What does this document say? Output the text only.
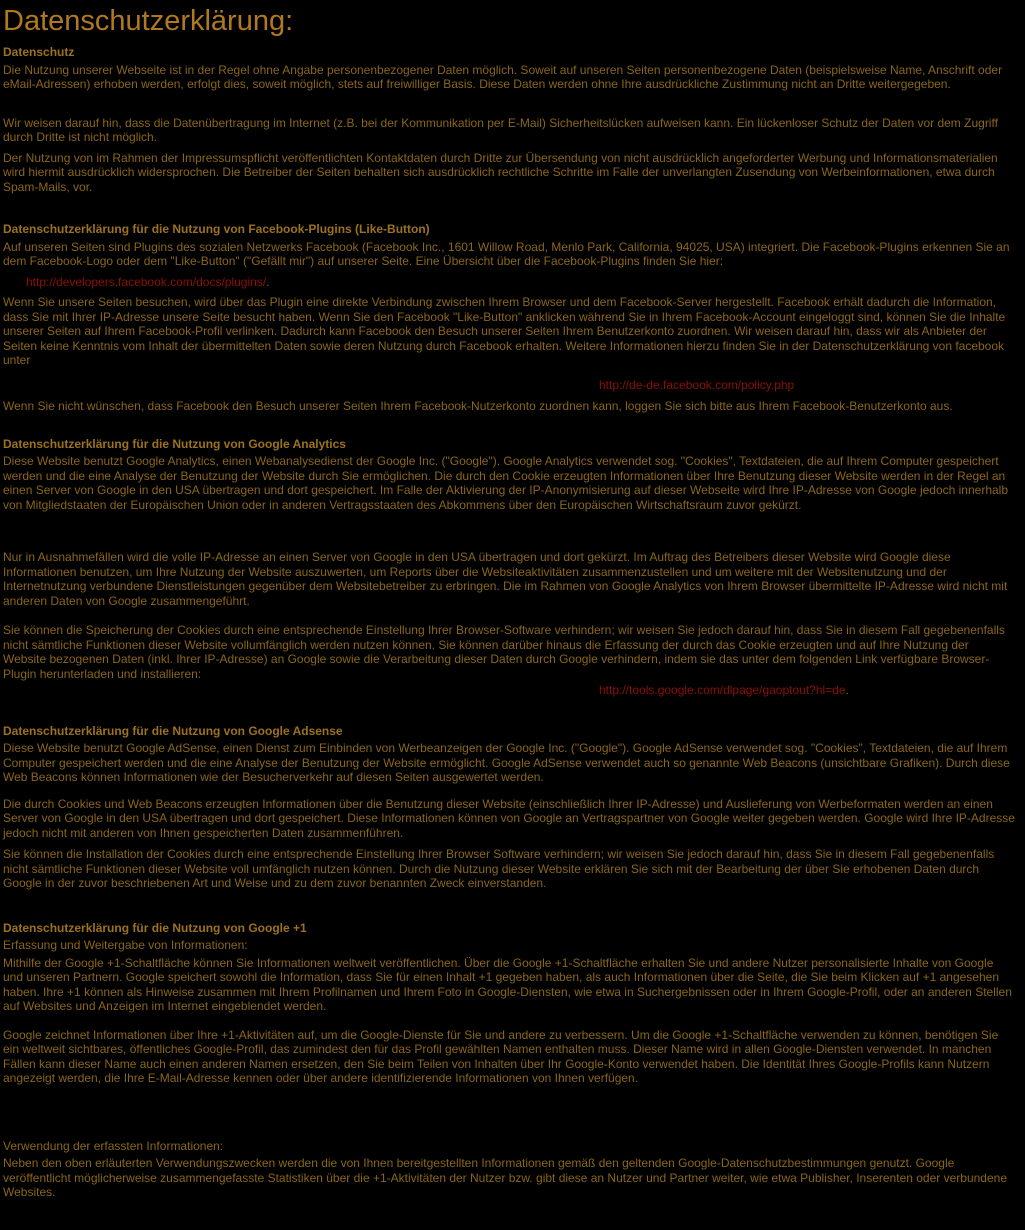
Datenschutzerklärung:
Datenschutz

Die Nutzung unserer Webseite ist in der Regel ohne Angabe personenbezogener Daten möglich. Soweit auf unseren Seiten personenbezogene Daten (beispielsweise Name, Anschrift oder eMail-Adressen) erhoben werden, erfolgt dies, soweit möglich, stets auf freiwilliger Basis. Diese Daten werden ohne Ihre ausdrückliche Zustimmung nicht an Dritte weitergegeben.

Wir weisen darauf hin, dass die Datenübertragung im Internet (z.B. bei der Kommunikation per E-Mail) Sicherheitslücken aufweisen kann. Ein lückenloser Schutz der Daten vor dem Zugriff durch Dritte ist nicht möglich.

Der Nutzung von im Rahmen der Impressumspflicht veröffentlichten Kontaktdaten durch Dritte zur Übersendung von nicht ausdrücklich angeforderter Werbung und Informationsmaterialien wird hiermit ausdrücklich widersprochen. Die Betreiber der Seiten behalten sich ausdrücklich rechtliche Schritte im Falle der unverlangten Zusendung von Werbeinformationen, etwa durch Spam-Mails, vor.

Datenschutzerklärung für die Nutzung von Facebook-Plugins (Like-Button)

Auf unseren Seiten sind Plugins des sozialen Netzwerks Facebook (Facebook Inc., 1601 Willow Road, Menlo Park, California, 94025, USA) integriert. Die Facebook-Plugins erkennen Sie an dem Facebook-Logo oder dem "Like-Button" ("Gefällt mir") auf unserer Seite. Eine Übersicht über die Facebook-Plugins finden Sie hier:

http://developers.facebook.com/docs/plugins/.

Wenn Sie unsere Seiten besuchen, wird über das Plugin eine direkte Verbindung zwischen Ihrem Browser und dem Facebook-Server hergestellt. Facebook erhält dadurch die Information, dass Sie mit Ihrer IP-Adresse unsere Seite besucht haben. Wenn Sie den Facebook "Like-Button" anklicken während Sie in Ihrem Facebook-Account eingeloggt sind, können Sie die Inhalte unserer Seiten auf Ihrem Facebook-Profil verlinken. Dadurch kann Facebook den Besuch unserer Seiten Ihrem Benutzerkonto zuordnen. Wir weisen darauf hin, dass wir als Anbieter der Seiten keine Kenntnis vom Inhalt der übermittelten Daten sowie deren Nutzung durch Facebook erhalten. Weitere Informationen hierzu finden Sie in der Datenschutzerklärung von facebook unter

http://de-de.facebook.com/policy.php

Wenn Sie nicht wünschen, dass Facebook den Besuch unserer Seiten Ihrem Facebook-Nutzerkonto zuordnen kann, loggen Sie sich bitte aus Ihrem Facebook-Benutzerkonto aus.

Datenschutzerklärung für die Nutzung von Google Analytics

Diese Website benutzt Google Analytics, einen Webanalysedienst der Google Inc. ("Google"). Google Analytics verwendet sog. "Cookies", Textdateien, die auf Ihrem Computer gespeichert werden und die eine Analyse der Benutzung der Website durch Sie ermöglichen. Die durch den Cookie erzeugten Informationen über Ihre Benutzung dieser Website werden in der Regel an einen Server von Google in den USA übertragen und dort gespeichert. Im Falle der Aktivierung der IP-Anonymisierung auf dieser Webseite wird Ihre IP-Adresse von Google jedoch innerhalb von Mitgliedstaaten der Europäischen Union oder in anderen Vertragsstaaten des Abkommens über den Europäischen Wirtschaftsraum zuvor gekürzt.

Nur in Ausnahmefällen wird die volle IP-Adresse an einen Server von Google in den USA übertragen und dort gekürzt. Im Auftrag des Betreibers dieser Website wird Google diese Informationen benutzen, um Ihre Nutzung der Website auszuwerten, um Reports über die Websiteaktivitäten zusammenzustellen und um weitere mit der Websitenutzung und der Internetnutzung verbundene Dienstleistungen gegenüber dem Websitebetreiber zu erbringen. Die im Rahmen von Google Analytics von Ihrem Browser übermittelte IP-Adresse wird nicht mit anderen Daten von Google zusammengeführt.

Sie können die Speicherung der Cookies durch eine entsprechende Einstellung Ihrer Browser-Software verhindern; wir weisen Sie jedoch darauf hin, dass Sie in diesem Fall gegebenenfalls nicht sämtliche Funktionen dieser Website vollumfänglich werden nutzen können. Sie können darüber hinaus die Erfassung der durch das Cookie erzeugten und auf Ihre Nutzung der Website bezogenen Daten (inkl. Ihrer IP-Adresse) an Google sowie die Verarbeitung dieser Daten durch Google verhindern, indem sie das unter dem folgenden Link verfügbare Browser-Plugin herunterladen und installieren:

http://tools.google.com/dlpage/gaoptout?hl=de.

Datenschutzerklärung für die Nutzung von Google Adsense

Diese Website benutzt Google AdSense, einen Dienst zum Einbinden von Werbeanzeigen der Google Inc. ("Google"). Google AdSense verwendet sog. "Cookies", Textdateien, die auf Ihrem Computer gespeichert werden und die eine Analyse der Benutzung der Website ermöglicht. Google AdSense verwendet auch so genannte Web Beacons (unsichtbare Grafiken). Durch diese Web Beacons können Informationen wie der Besucherverkehr auf diesen Seiten ausgewertet werden.

Die durch Cookies und Web Beacons erzeugten Informationen über die Benutzung dieser Website (einschließlich Ihrer IP-Adresse) und Auslieferung von Werbeformaten werden an einen Server von Google in den USA übertragen und dort gespeichert. Diese Informationen können von Google an Vertragspartner von Google weiter gegeben werden. Google wird Ihre IP-Adresse jedoch nicht mit anderen von Ihnen gespeicherten Daten zusammenführen.

Sie können die Installation der Cookies durch eine entsprechende Einstellung Ihrer Browser Software verhindern; wir weisen Sie jedoch darauf hin, dass Sie in diesem Fall gegebenenfalls nicht sämtliche Funktionen dieser Website voll umfänglich nutzen können. Durch die Nutzung dieser Website erklären Sie sich mit der Bearbeitung der über Sie erhobenen Daten durch Google in der zuvor beschriebenen Art und Weise und zu dem zuvor benannten Zweck einverstanden.

Datenschutzerklärung für die Nutzung von Google +1

Erfassung und Weitergabe von Informationen:

Mithilfe der Google +1-Schaltfläche können Sie Informationen weltweit veröffentlichen. Über die Google +1-Schaltfläche erhalten Sie und andere Nutzer personalisierte Inhalte von Google und unseren Partnern. Google speichert sowohl die Information, dass Sie für einen Inhalt +1 gegeben haben, als auch Informationen über die Seite, die Sie beim Klicken auf +1 angesehen haben. Ihre +1 können als Hinweise zusammen mit Ihrem Profilnamen und Ihrem Foto in Google-Diensten, wie etwa in Suchergebnissen oder in Ihrem Google-Profil, oder an anderen Stellen auf Websites und Anzeigen im Internet eingeblendet werden.

Google zeichnet Informationen über Ihre +1-Aktivitäten auf, um die Google-Dienste für Sie und andere zu verbessern. Um die Google +1-Schaltfläche verwenden zu können, benötigen Sie ein weltweit sichtbares, öffentliches Google-Profil, das zumindest den für das Profil gewählten Namen enthalten muss. Dieser Name wird in allen Google-Diensten verwendet. In manchen Fällen kann dieser Name auch einen anderen Namen ersetzen, den Sie beim Teilen von Inhalten über Ihr Google-Konto verwendet haben. Die Identität Ihres Google-Profils kann Nutzern angezeigt werden, die Ihre E-Mail-Adresse kennen oder über andere identifizierende Informationen von Ihnen verfügen.

Verwendung der erfassten Informationen:

Neben den oben erläuterten Verwendungszwecken werden die von Ihnen bereitgestellten Informationen gemäß den geltenden Google-Datenschutzbestimmungen genutzt. Google veröffentlicht möglicherweise zusammengefasste Statistiken über die +1-Aktivitäten der Nutzer bzw. gibt diese an Nutzer und Partner weiter, wie etwa Publisher, Inserenten oder verbundene Websites.
